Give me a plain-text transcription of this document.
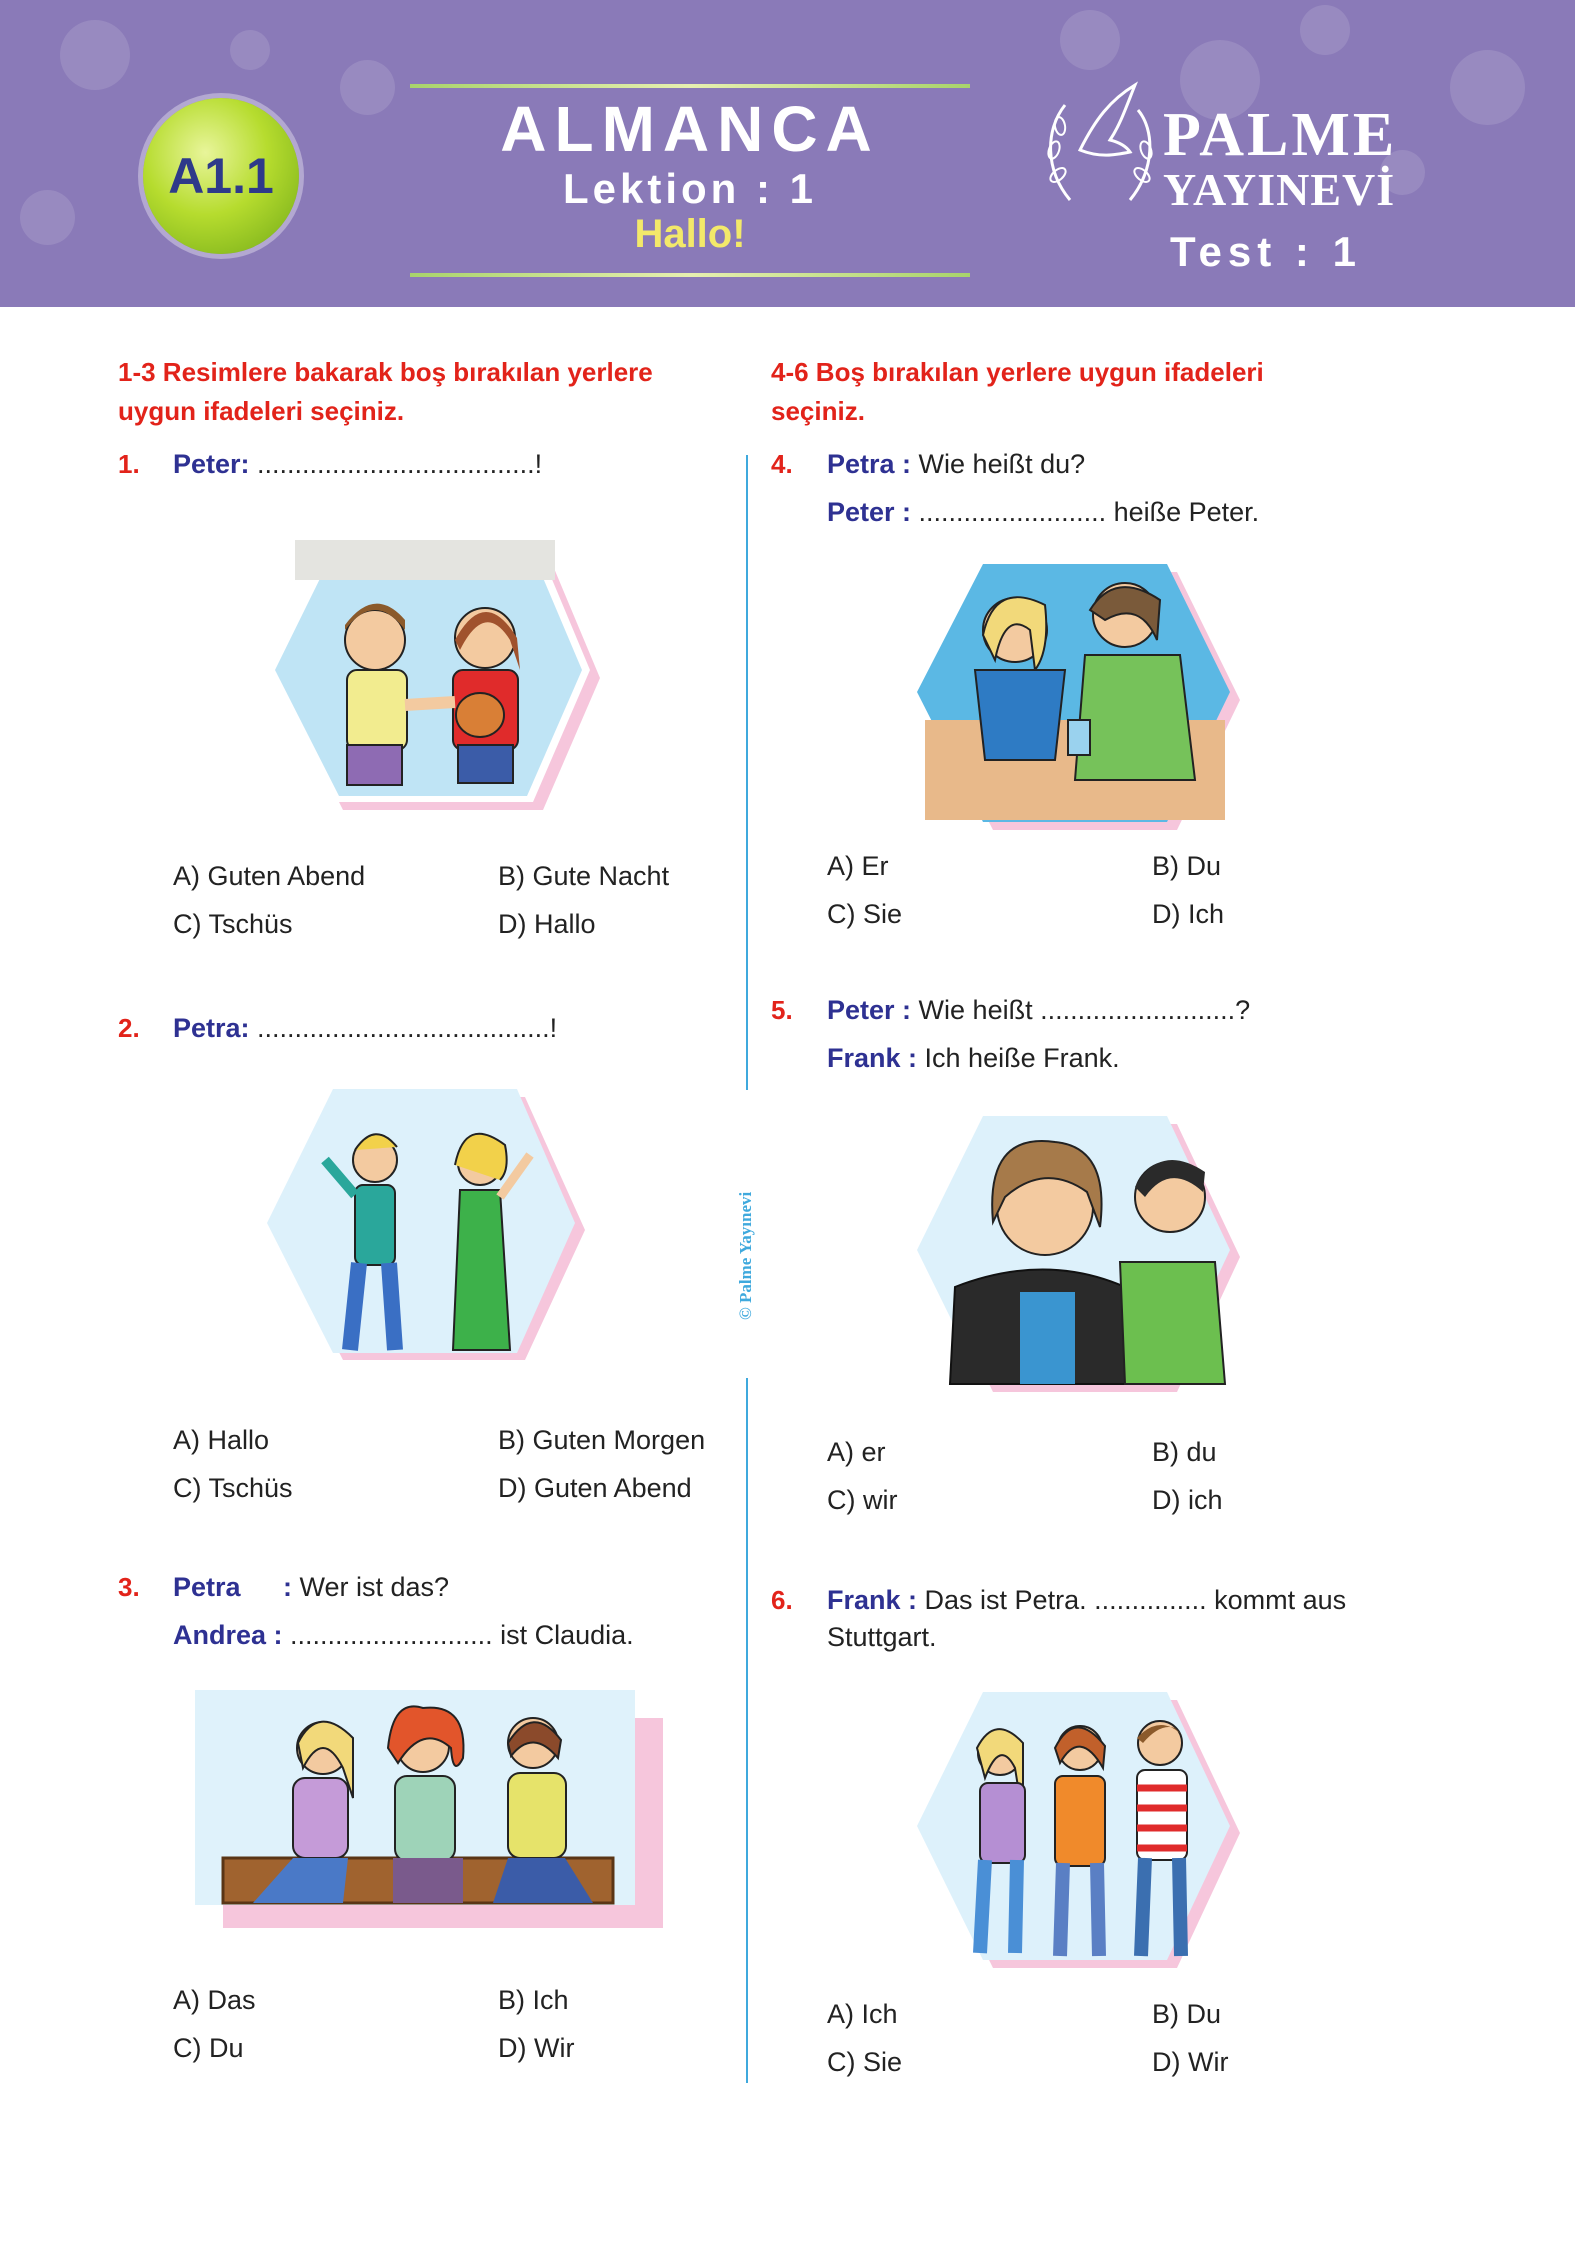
A1.1
ALMANCA
Lektion : 1
Hallo!
PALME
YAYINEVİ
Test : 1
1-3 Resimlere bakarak boş bırakılan yerlere
uygun ifadeleri seçiniz.
1. Peter: .....................................!
A) Guten Abend	B) Gute Nacht
C) Tschüs	D) Hallo
2. Petra: .......................................!
A) Hallo	B) Guten Morgen
C) Tschüs	D) Guten Abend
3. Petra : Wer ist das?
Andrea : ........................... ist Claudia.
A) Das	B) Ich
C) Du	D) Wir
© Palme Yayınevi
4-6 Boş bırakılan yerlere uygun ifadeleri
seçiniz.
4. Petra : Wie heißt du?
Peter : ......................... heiße Peter.
A) Er	B) Du
C) Sie	D) Ich
5. Peter : Wie heißt ..........................?
Frank : Ich heiße Frank.
A) er	B) du
C) wir	D) ich
6. Frank : Das ist Petra. ............... kommt aus
Stuttgart.
A) Ich	B) Du
C) Sie	D) Wir
